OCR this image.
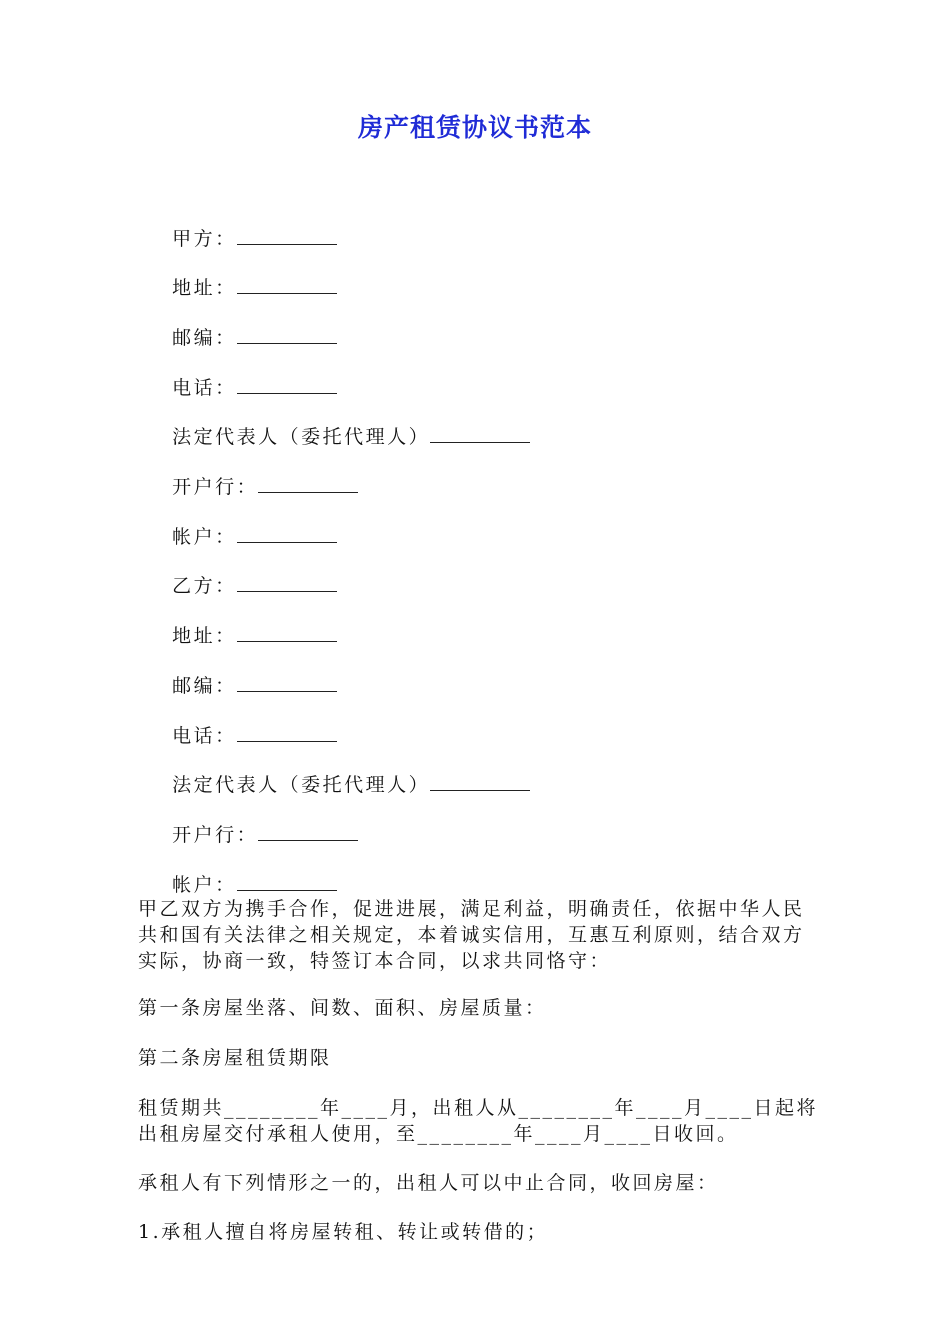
房产租赁协议书范本

甲方：

地址：

邮编：

电话：

法定代表人（委托代理人）

开户行：

帐户：

乙方：

地址：

邮编：

电话：

法定代表人（委托代理人）

开户行：

帐户：

甲乙双方为携手合作，促进进展，满足利益，明确责任，依据中华人民共和国有关法律之相关规定，本着诚实信用，互惠互利原则，结合双方实际，协商一致，特签订本合同，以求共同恪守：

第一条房屋坐落、间数、面积、房屋质量：

第二条房屋租赁期限

租赁期共________年____月，出租人从________年____月____日起将出租房屋交付承租人使用，至________年____月____日收回。

承租人有下列情形之一的，出租人可以中止合同，收回房屋：

1.承租人擅自将房屋转租、转让或转借的；
